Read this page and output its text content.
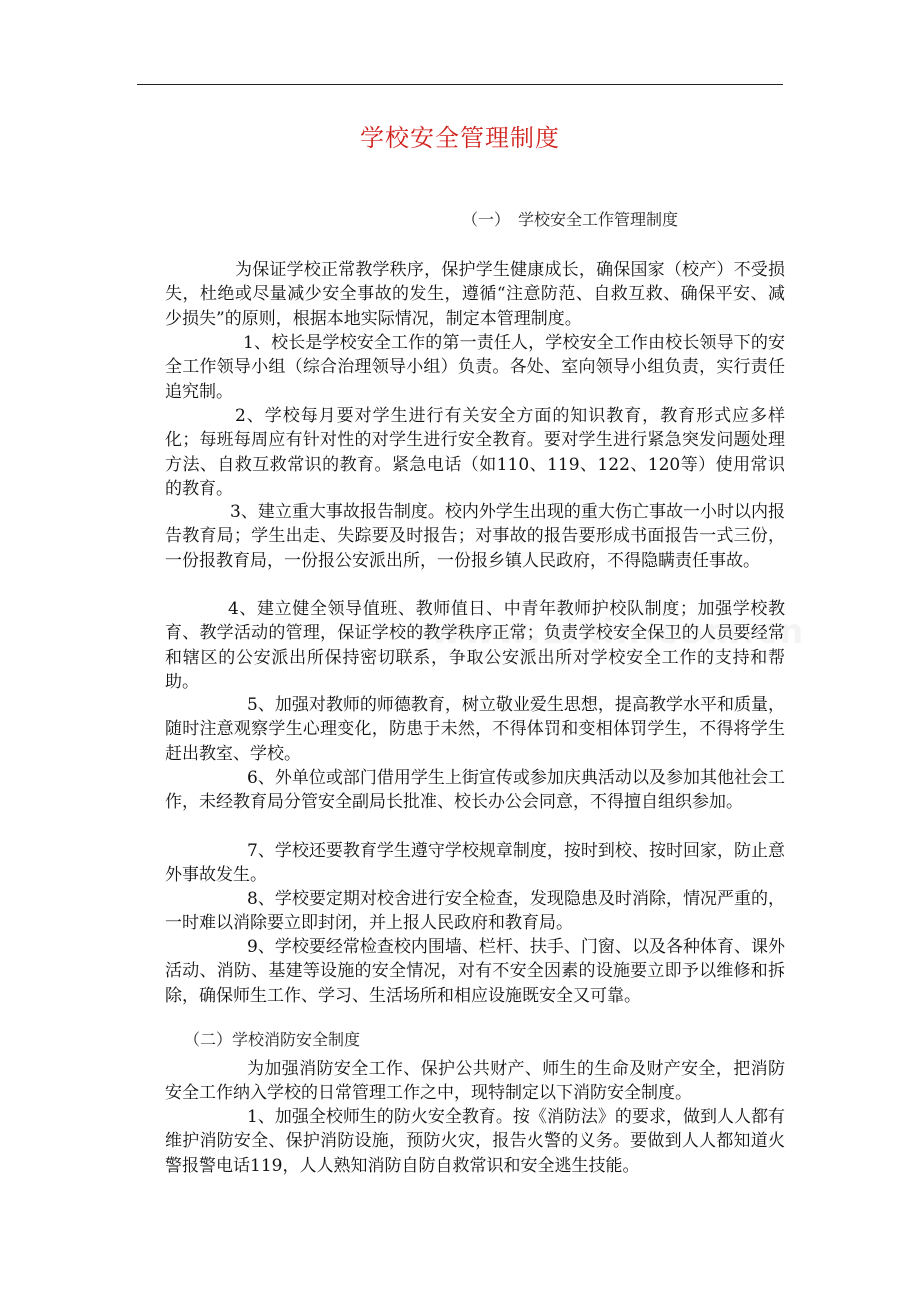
学校安全管理制度
（一）　学校安全工作管理制度

为保证学校正常教学秩序，保护学生健康成长，确保国家（校产）不受损失，杜绝或尽量减少安全事故的发生，遵循“注意防范、自救互救、确保平安、减少损失”的原则，根据本地实际情况，制定本管理制度。

1、校长是学校安全工作的第一责任人，学校安全工作由校长领导下的安全工作领导小组（综合治理领导小组）负责。各处、室向领导小组负责，实行责任追究制。

2、学校每月要对学生进行有关安全方面的知识教育，教育形式应多样化；每班每周应有针对性的对学生进行安全教育。要对学生进行紧急突发问题处理方法、自救互救常识的教育。紧急电话（如110、119、122、120等）使用常识的教育。

3、建立重大事故报告制度。校内外学生出现的重大伤亡事故一小时以内报告教育局；学生出走、失踪要及时报告；对事故的报告要形成书面报告一式三份，一份报教育局，一份报公安派出所，一份报乡镇人民政府，不得隐瞒责任事故。

4、建立健全领导值班、教师值日、中青年教师护校队制度；加强学校教育、教学活动的管理，保证学校的教学秩序正常；负责学校安全保卫的人员要经常和辖区的公安派出所保持密切联系，争取公安派出所对学校安全工作的支持和帮助。

5、加强对教师的师德教育，树立敬业爱生思想，提高教学水平和质量，随时注意观察学生心理变化，防患于未然，不得体罚和变相体罚学生，不得将学生赶出教室、学校。

6、外单位或部门借用学生上街宣传或参加庆典活动以及参加其他社会工作，未经教育局分管安全副局长批准、校长办公会同意，不得擅自组织参加。

7、学校还要教育学生遵守学校规章制度，按时到校、按时回家，防止意外事故发生。

8、学校要定期对校舍进行安全检查，发现隐患及时消除，情况严重的，一时难以消除要立即封闭，并上报人民政府和教育局。

9、学校要经常检查校内围墙、栏杆、扶手、门窗、以及各种体育、课外活动、消防、基建等设施的安全情况，对有不安全因素的设施要立即予以维修和拆除，确保师生工作、学习、生活场所和相应设施既安全又可靠。

（二）学校消防安全制度

为加强消防安全工作、保护公共财产、师生的生命及财产安全，把消防安全工作纳入学校的日常管理工作之中，现特制定以下消防安全制度。

1、加强全校师生的防火安全教育。按《消防法》的要求，做到人人都有维护消防安全、保护消防设施，预防火灾，报告火警的义务。要做到人人都知道火警报警电话119，人人熟知消防自防自救常识和安全逃生技能。
